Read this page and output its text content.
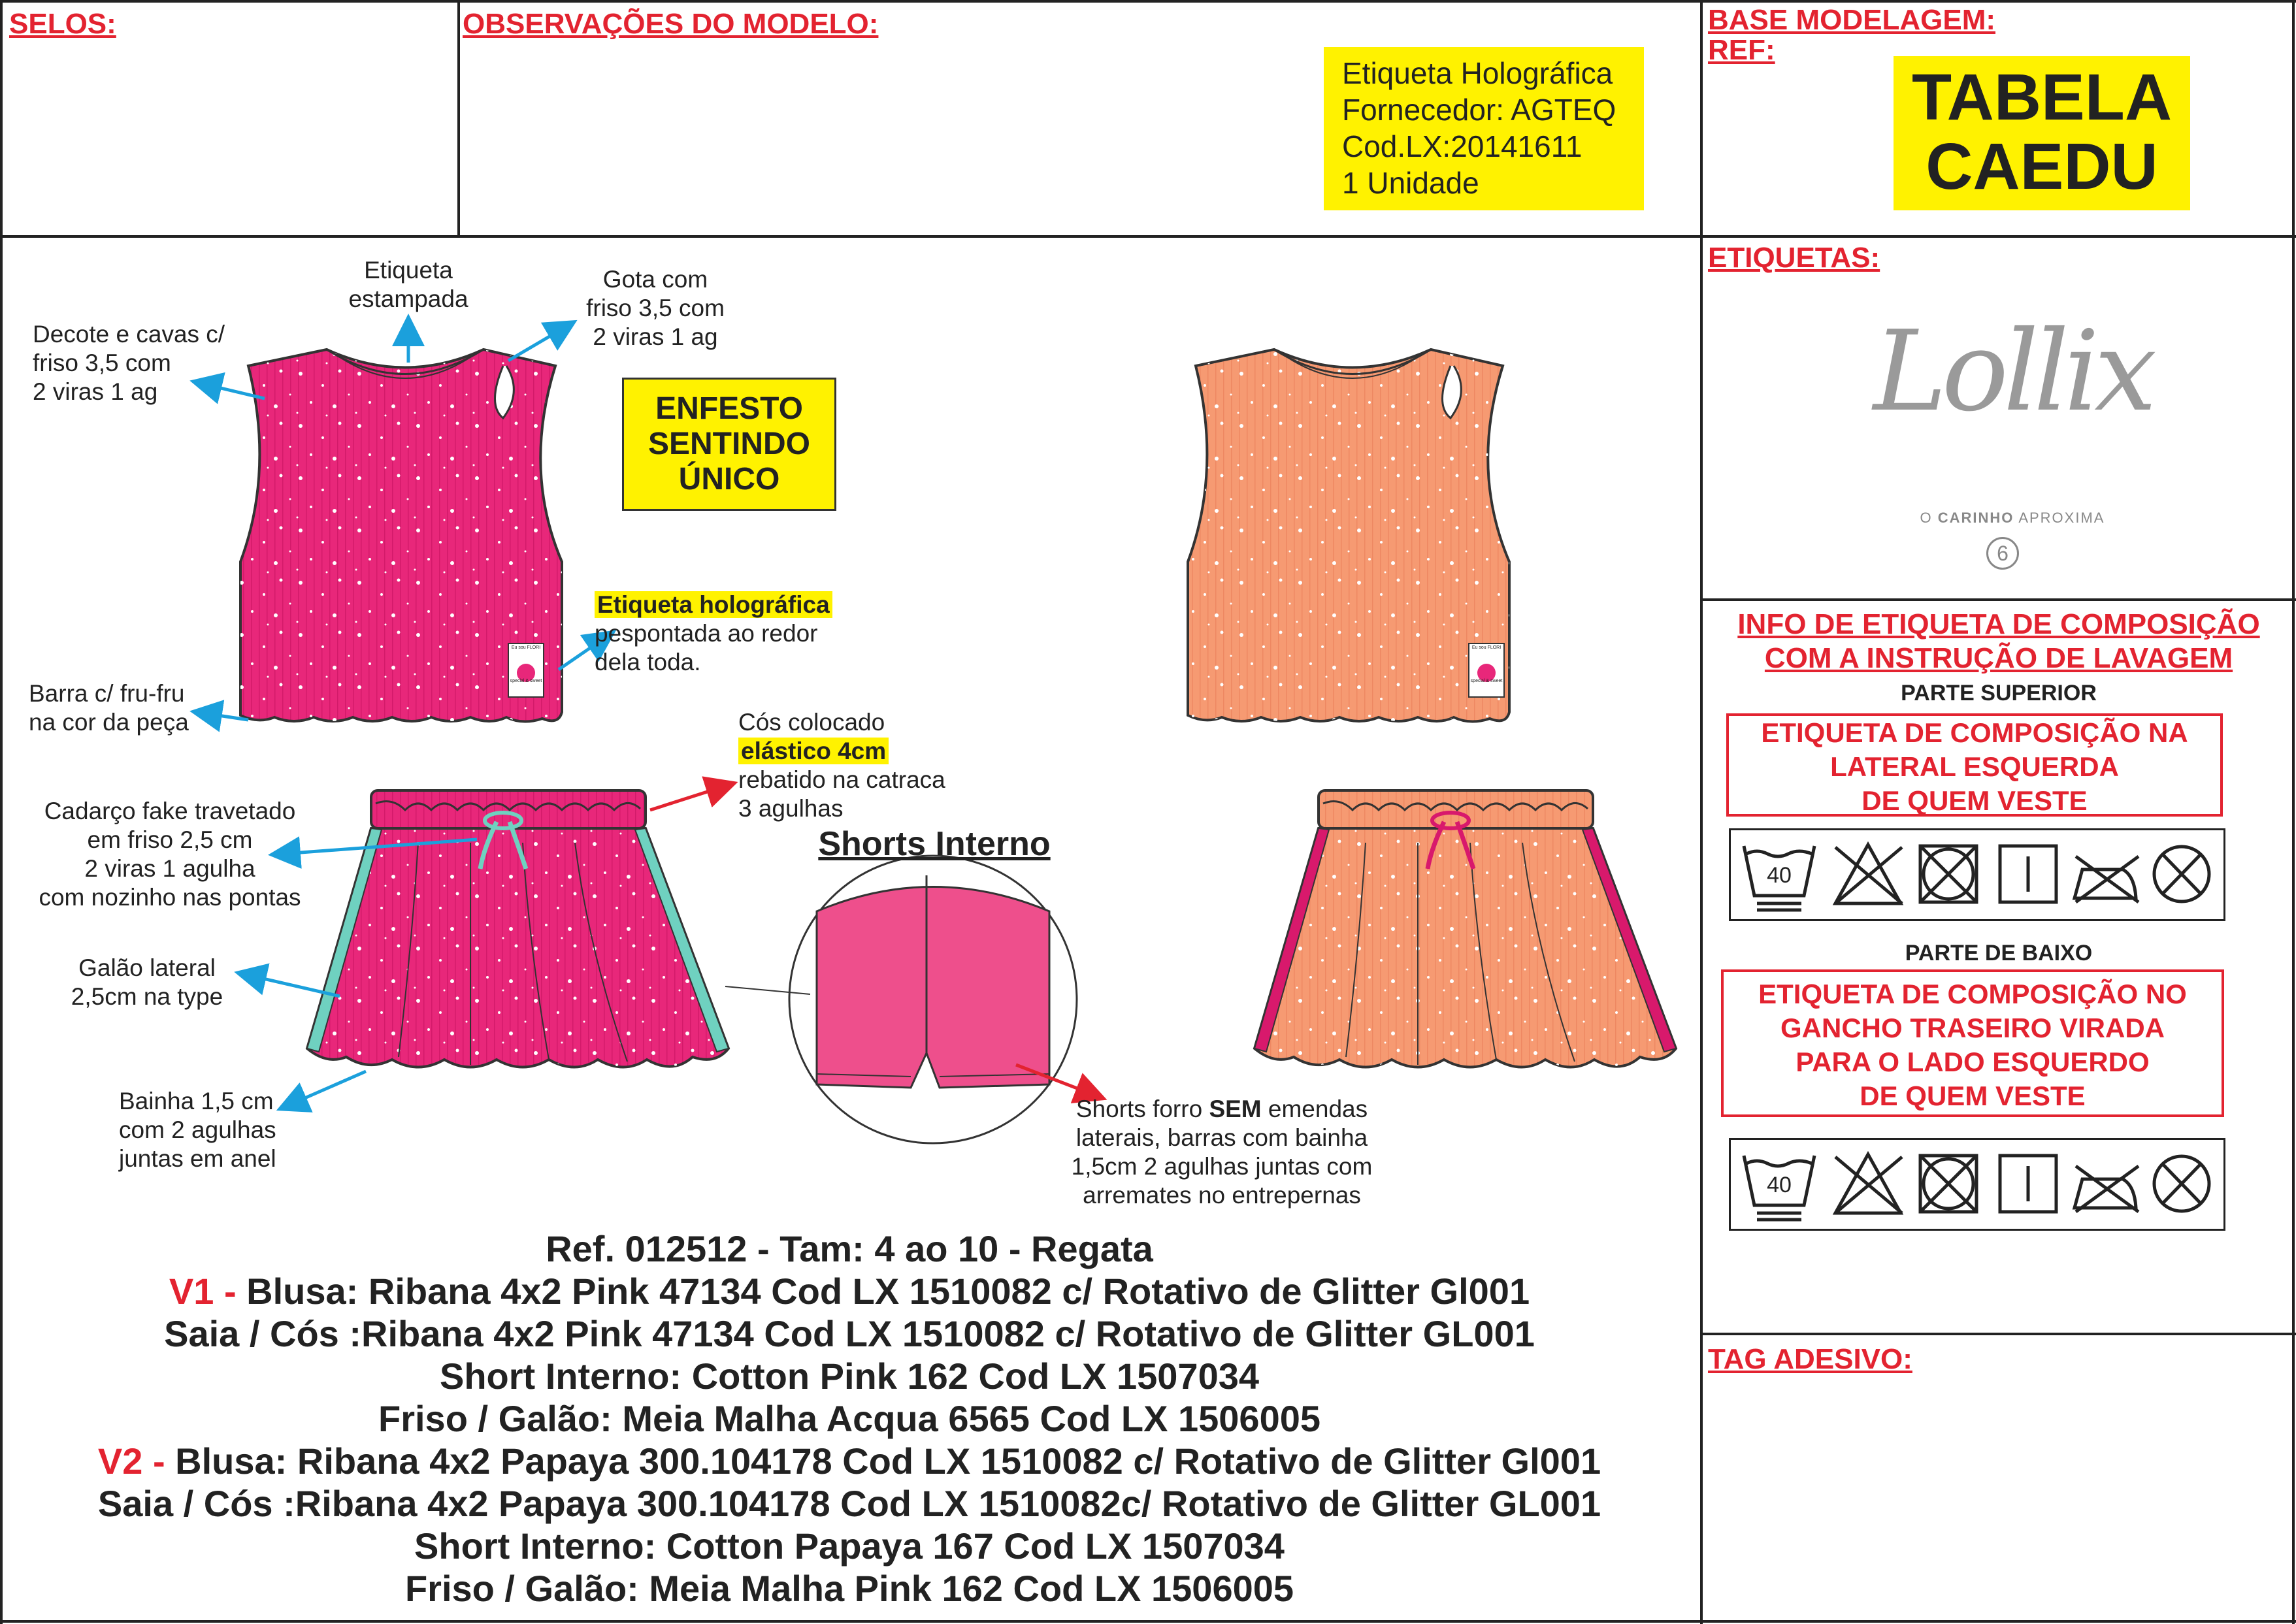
SELOS:	OBSERVAÇÕES DO MODELO:	BASE MODELAGEM:
REF:
Etiqueta Holográfica
Fornecedor: AGTEQ
Cod.LX:20141611
1 Unidade
TABELA
CAEDU
Eu sou FLORI
special & sweet
Eu sou FLORI
special & sweet
ENFESTO
SENTINDO
ÚNICO
Etiqueta
estampada
Gota com
friso 3,5 com
2 viras 1 ag
Decote e cavas c/
friso 3,5 com
2 viras 1 ag
Etiqueta holográfica
pespontada ao redor
dela toda.
Barra c/ fru-fru
na cor da peça	Cós colocado
elástico 4cm
rebatido na catraca
3 agulhas
Cadarço fake travetado
em friso 2,5 cm
2 viras 1 agulha
com nozinho nas pontas
Galão lateral
2,5cm na type
Bainha 1,5 cm
com 2 agulhas
juntas em anel
Shorts Interno
Shorts forro SEM emendas
laterais, barras com bainha
1,5cm 2 agulhas juntas com
arremates no entrepernas
Ref. 012512 - Tam: 4 ao 10 - Regata
V1 - Blusa: Ribana 4x2 Pink 47134 Cod LX 1510082 c/ Rotativo de Glitter Gl001
Saia / Cós :Ribana 4x2 Pink 47134 Cod LX 1510082 c/ Rotativo de Glitter GL001
Short Interno: Cotton Pink 162 Cod LX 1507034
Friso / Galão: Meia Malha Acqua 6565 Cod LX 1506005
V2 - Blusa: Ribana 4x2 Papaya 300.104178 Cod LX 1510082 c/ Rotativo de Glitter Gl001
Saia / Cós :Ribana 4x2 Papaya 300.104178 Cod LX 1510082c/ Rotativo de Glitter GL001
Short Interno: Cotton Papaya 167 Cod LX 1507034
Friso / Galão: Meia Malha Pink 162 Cod LX 1506005
ETIQUETAS:
Lollix
O CARINHO APROXIMA
6
INFO DE ETIQUETA DE COMPOSIÇÃO
COM A INSTRUÇÃO DE LAVAGEM
PARTE SUPERIOR
ETIQUETA DE COMPOSIÇÃO NA
LATERAL ESQUERDA
DE QUEM VESTE
40
PARTE DE BAIXO
ETIQUETA DE COMPOSIÇÃO NO
GANCHO TRASEIRO VIRADA
PARA O LADO ESQUERDO
DE QUEM VESTE
40
TAG ADESIVO:
